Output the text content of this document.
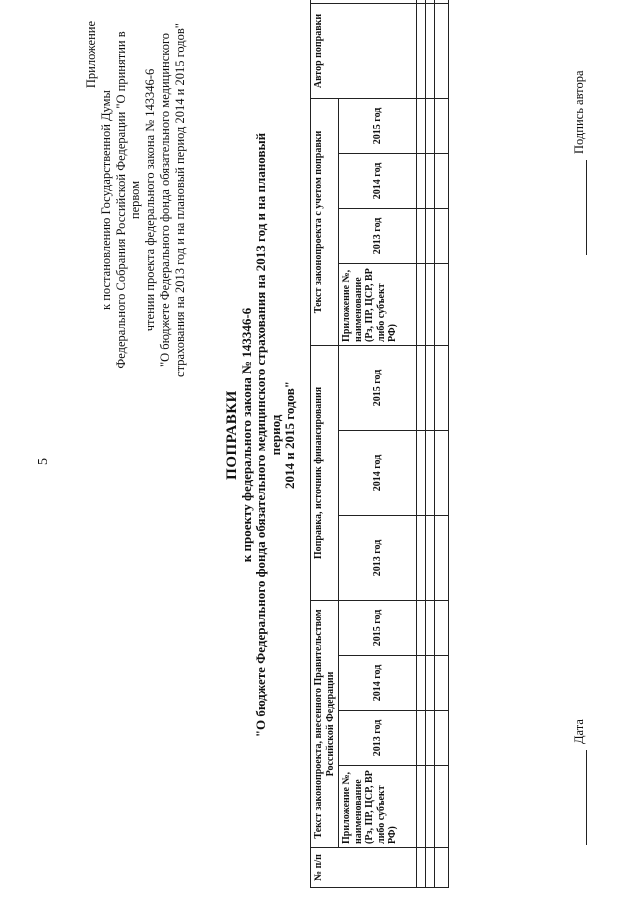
5
Приложение
к постановлению Государственной Думы Федерального Собрания Российской Федерации "О принятии в первом чтении проекта федерального закона № 143346-6 "О бюджете Федерального фонда обязательного медицинского страхования на 2013 год и на плановый период 2014 и 2015 годов"
ПОПРАВКИ
к проекту федерального закона № 143346-6 "О бюджете Федерального фонда обязательного медицинского страхования на 2013 год и на плановый период 2014 и 2015 годов"
№ п/п	Текст законопроекта, внесенного Правительством Российской Федерации				Поправка, источник финансирования			Текст законопроекта с учетом поправки				Автор поправки	
	Приложение №, наименование (Рз, ПР, ЦСР, ВР либо субъект РФ)	2013 год	2014 год	2015 год	2013 год	2014 год	2015 год	Приложение №, наименование (Рз, ПР, ЦСР, ВР либо субъект РФ)	2013 год	2014 год	2015 год		

Дата
Подпись автора
